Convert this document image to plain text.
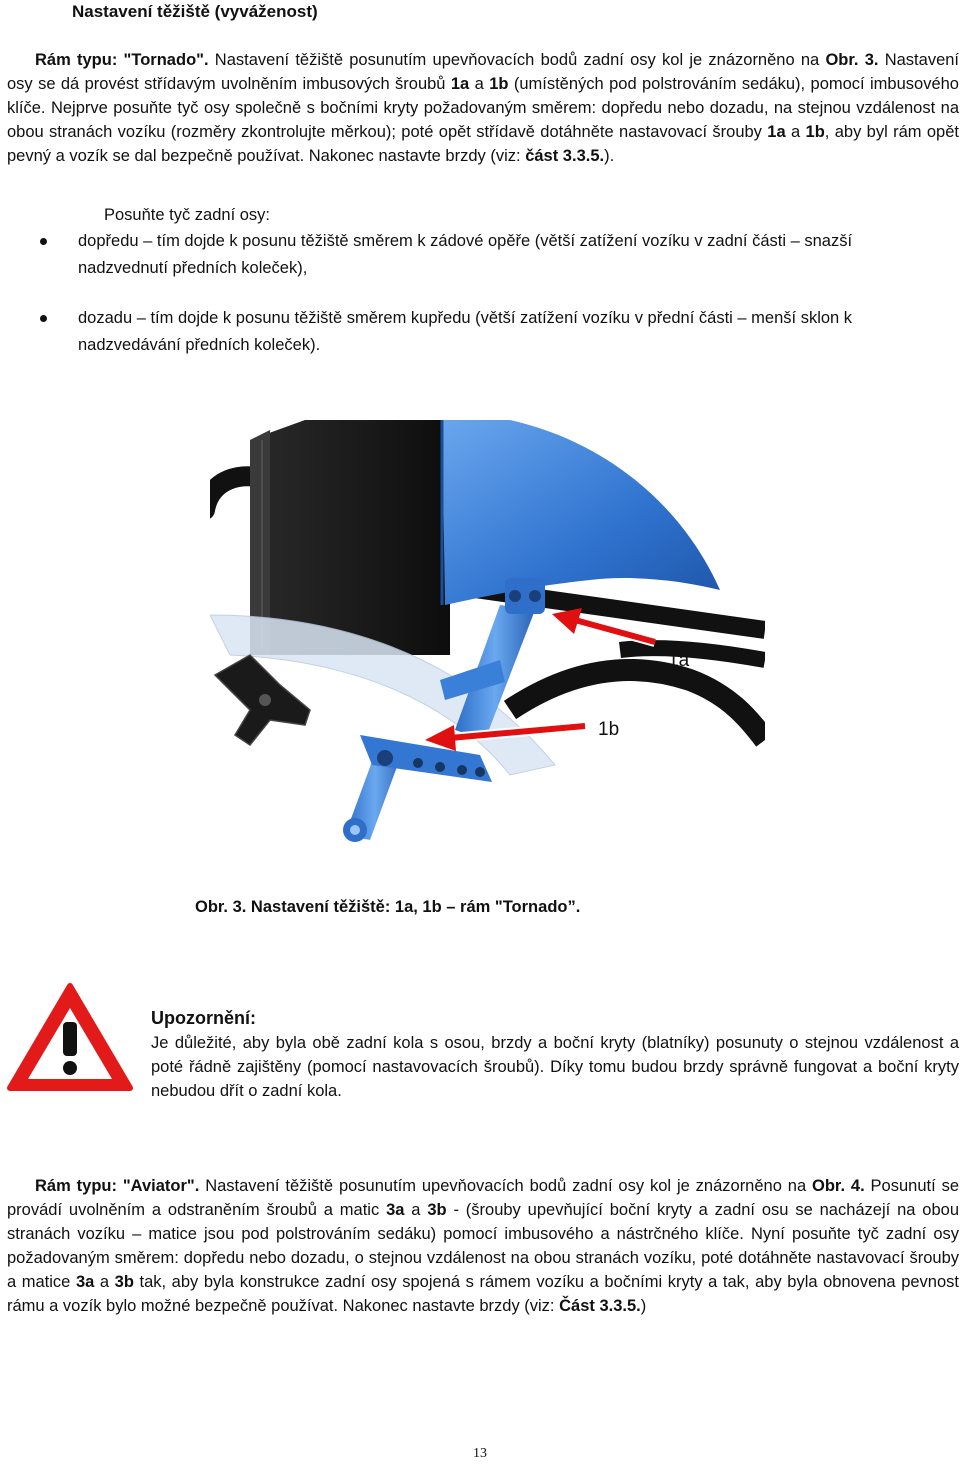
Nastavení těžiště (vyváženost)

Rám typu: "Tornado". Nastavení těžiště posunutím upevňovacích bodů zadní osy kol je znázorněno na Obr. 3. Nastavení osy se dá provést střídavým uvolněním imbusových šroubů 1a a 1b (umístěných pod polstrováním sedáku), pomocí imbusového klíče. Nejprve posuňte tyč osy společně s bočními kryty požadovaným směrem: dopředu nebo dozadu, na stejnou vzdálenost na obou stranách vozíku (rozměry zkontrolujte měrkou); poté opět střídavě dotáhněte nastavovací šrouby 1a a 1b, aby byl rám opět pevný a vozík se dal bezpečně používat. Nakonec nastavte brzdy (viz: část 3.3.5.).

Posuňte tyč zadní osy:
dopředu – tím dojde k posunu těžiště směrem k zádové opěře (větší zatížení vozíku v zadní části – snazší nadzvednutí předních koleček),
dozadu – tím dojde k posunu těžiště směrem kupředu (větší zatížení vozíku v přední části – menší sklon k nadzvedávání předních koleček).
1a
1b
Obr. 3. Nastavení těžiště: 1a, 1b – rám "Tornado”.
Upozornění:

Je důležité, aby byla obě zadní kola s osou, brzdy a boční kryty (blatníky) posunuty o stejnou vzdálenost a poté řádně zajištěny (pomocí nastavovacích šroubů). Díky tomu budou brzdy správně fungovat a boční kryty nebudou dřít o zadní kola.

Rám typu: "Aviator". Nastavení těžiště posunutím upevňovacích bodů zadní osy kol je znázorněno na Obr. 4. Posunutí se provádí uvolněním a odstraněním šroubů a matic 3a a 3b - (šrouby upevňující boční kryty a zadní osu se nacházejí na obou stranách vozíku – matice jsou pod polstrováním sedáku) pomocí imbusového a nástrčného klíče. Nyní posuňte tyč zadní osy požadovaným směrem: dopředu nebo dozadu, o stejnou vzdálenost na obou stranách vozíku, poté dotáhněte nastavovací šrouby a matice 3a a 3b tak, aby byla konstrukce zadní osy spojená s rámem vozíku a bočními kryty a tak, aby byla obnovena pevnost rámu a vozík bylo možné bezpečně používat. Nakonec nastavte brzdy (viz: Část 3.3.5.)

13
